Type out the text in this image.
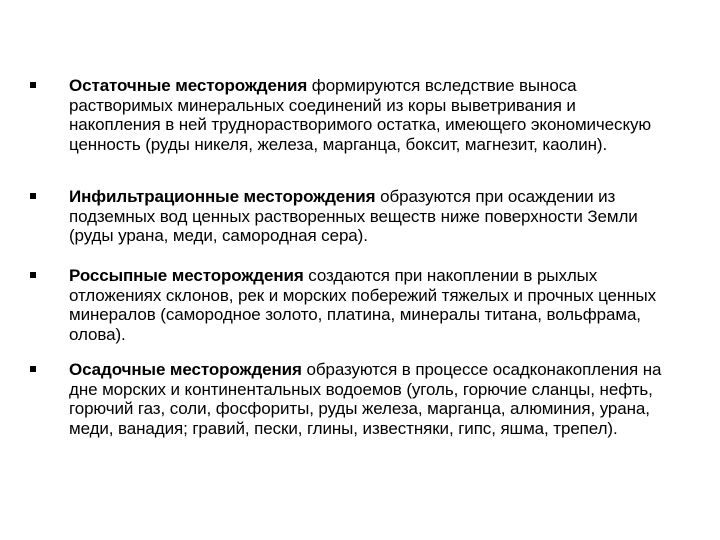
Остаточные месторождения формируются вследствие выноса растворимых минеральных соединений из коры выветривания и накопления в ней труднорастворимого остатка, имеющего экономическую ценность (руды никеля, железа, марганца, боксит, магнезит, каолин).
Инфильтрационные месторождения образуются при осаждении из подземных вод ценных растворенных веществ ниже поверхности Земли (руды урана, меди, самородная сера).
Россыпные месторождения создаются при накоплении в рыхлых отложениях склонов, рек и морских побережий тяжелых и прочных ценных минералов (самородное золото, платина, минералы титана, вольфрама, олова).
Осадочные месторождения образуются в процессе осадконакопления на дне морских и континентальных водоемов (уголь, горючие сланцы, нефть, горючий газ, соли, фосфориты, руды железа, марганца, алюминия, урана, меди, ванадия; гравий, пески, глины, известняки, гипс, яшма, трепел).
